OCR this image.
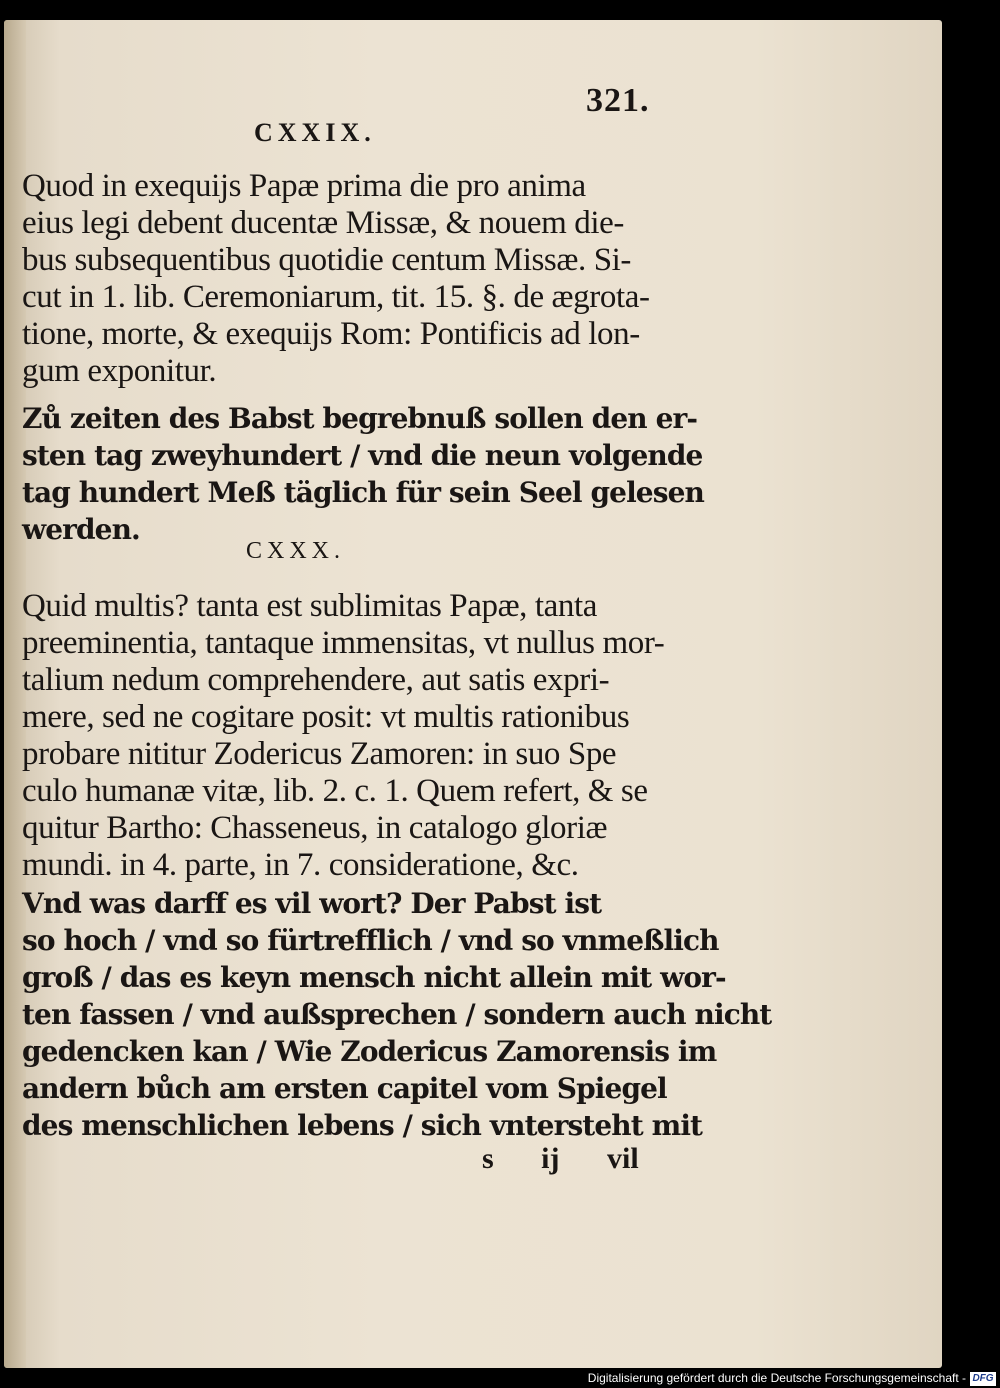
321.
CXXIX.
Quod in exequijs Papæ prima die pro anima
eius legi debent ducentæ Missæ, & nouem die-
bus subsequentibus quotidie centum Missæ. Si-
cut in 1. lib. Ceremoniarum, tit. 15. §. de ægrota-
tione, morte, & exequijs Rom: Pontificis ad lon-
gum exponitur.
Zů zeiten des Babst begrebnuß sollen den er-
sten tag zweyhundert / vnd die neun volgende
tag hundert Meß täglich für sein Seel gelesen
werden.
CXXX.
Quid multis? tanta est sublimitas Papæ, tanta
preeminentia, tantaque immensitas, vt nullus mor-
talium nedum comprehendere, aut satis expri-
mere, sed ne cogitare posit: vt multis rationibus
probare nititur Zodericus Zamoren: in suo Spe
culo humanæ vitæ, lib. 2. c. 1. Quem refert, & se
quitur Bartho: Chasseneus, in catalogo gloriæ
mundi. in 4. parte, in 7. consideratione, &c.
Vnd was darff es vil wort? Der Pabst ist
so hoch / vnd so fürtrefflich / vnd so vnmeßlich
groß / das es keyn mensch nicht allein mit wor-
ten fassen / vnd außsprechen / sondern auch nicht
gedencken kan / Wie Zodericus Zamorensis im
andern bůch am ersten capitel vom Spiegel
des menschlichen lebens / sich vntersteht mit
s ij vil
Digitalisierung gefördert durch die Deutsche Forschungsgemeinschaft - DFG
